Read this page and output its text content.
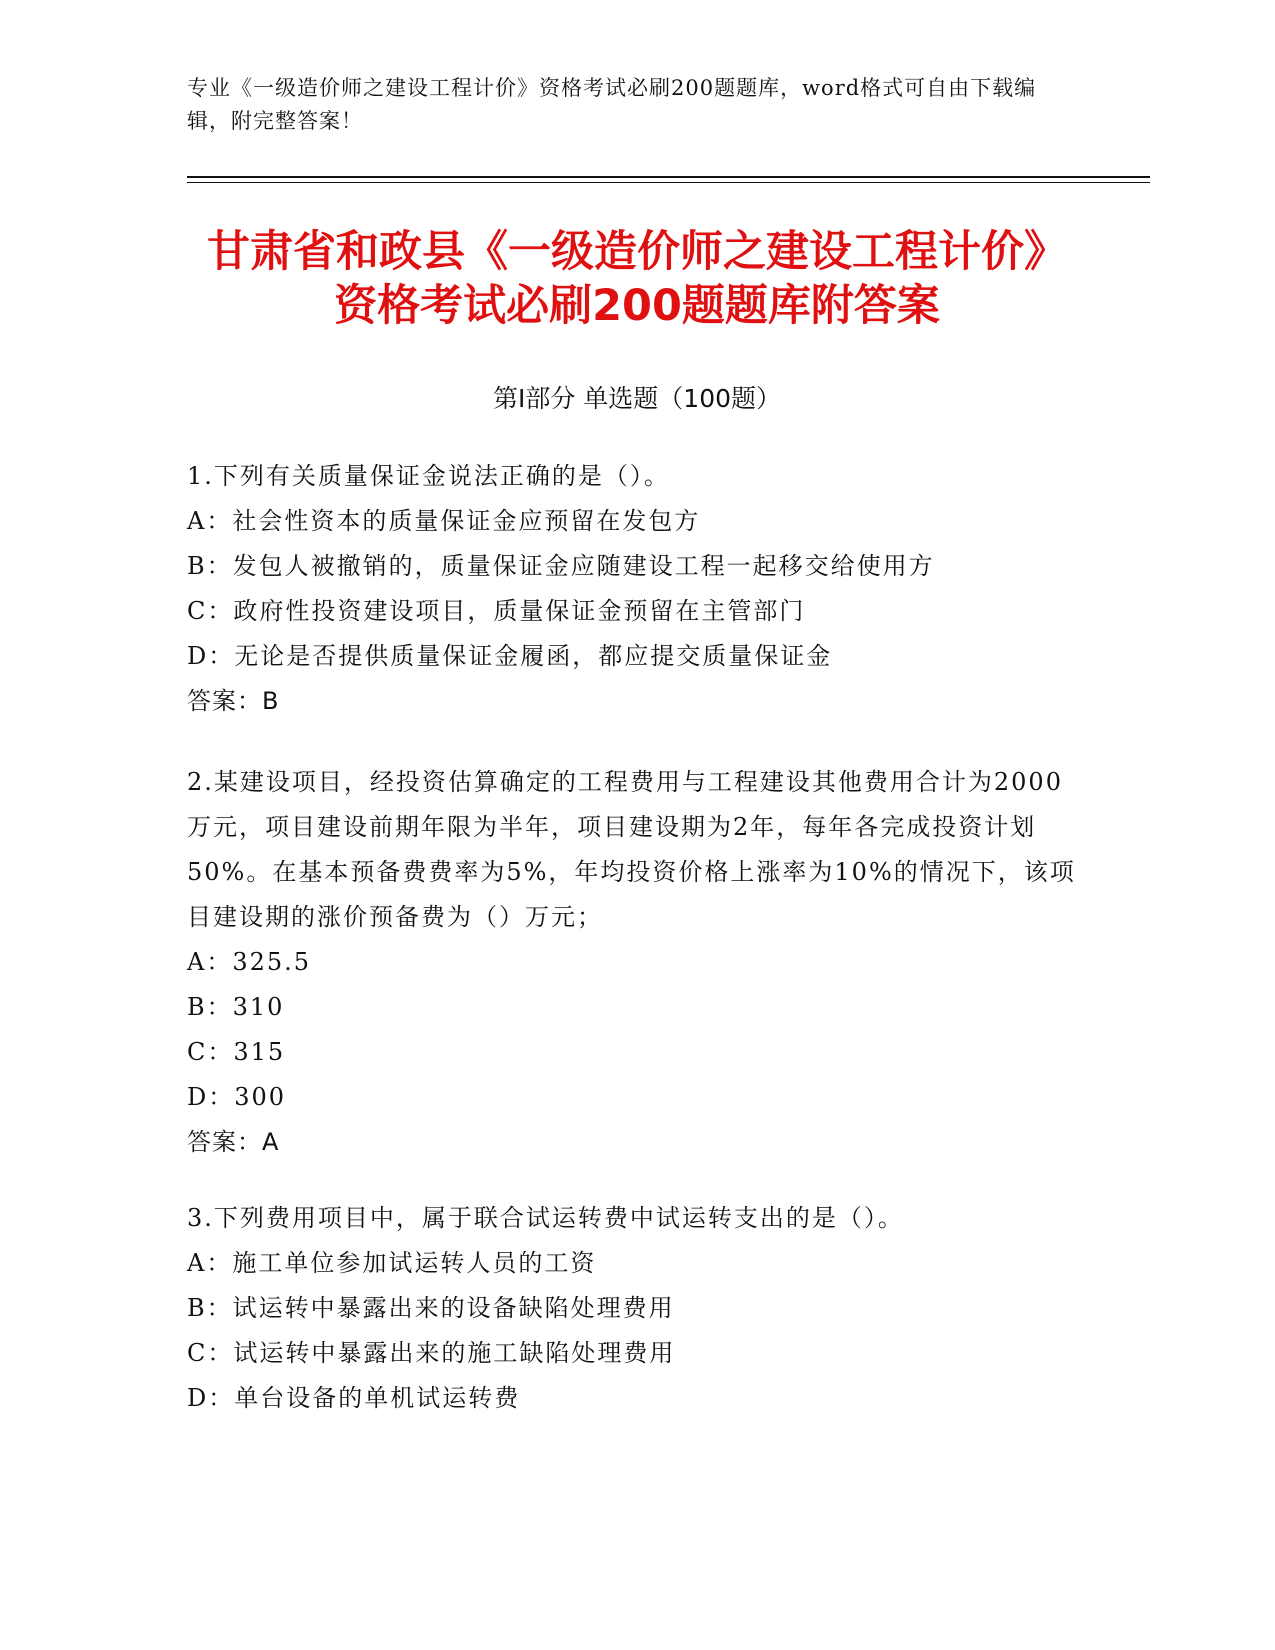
专业《一级造价师之建设工程计价》资格考试必刷200题题库，word格式可自由下载编辑，附完整答案！
甘肃省和政县《一级造价师之建设工程计价》资格考试必刷200题题库附答案
第I部分 单选题（100题）
1.下列有关质量保证金说法正确的是（）。
A：社会性资本的质量保证金应预留在发包方
B：发包人被撤销的，质量保证金应随建设工程一起移交给使用方
C：政府性投资建设项目，质量保证金预留在主管部门
D：无论是否提供质量保证金履函，都应提交质量保证金
答案：B
2.某建设项目，经投资估算确定的工程费用与工程建设其他费用合计为2000万元，项目建设前期年限为半年，项目建设期为2年，每年各完成投资计划50%。在基本预备费费率为5%，年均投资价格上涨率为10%的情况下，该项目建设期的涨价预备费为（）万元；
A：325.5
B：310
C：315
D：300
答案：A
3.下列费用项目中，属于联合试运转费中试运转支出的是（）。
A：施工单位参加试运转人员的工资
B：试运转中暴露出来的设备缺陷处理费用
C：试运转中暴露出来的施工缺陷处理费用
D：单台设备的单机试运转费
